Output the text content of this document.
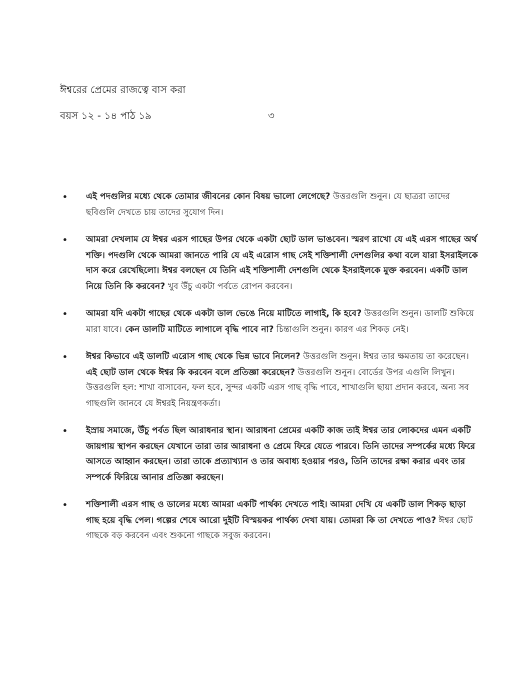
ঈশ্বরের প্রেমের রাজত্বে বাস করা
বয়স ১২ - ১৪ পাঠ ১৯	৩
• এই পদগুলির মধ্যে থেকে তোমার জীবনের কোন বিষয় ভালো লেগেছে? উত্তরগুলি শুনুন। যে ছাত্ররা তাদের ছবিগুলি দেখতে চায় তাদের সুযোগ দিন।
• আমরা দেখলাম যে ঈশ্বর এরস গাছের উপর থেকে একটা ছোট ডাল ভাঙবেন। স্মরণ রাখো যে এই এরস গাছের অর্থ শক্তি। পদগুলি থেকে আমরা জানতে পারি যে এই এরোস গাছ সেই শক্তিশালী দেশগুলির কথা বলে যারা ইসরাইলকে দাস করে রেখেছিলো। ঈশ্বর বলছেন যে তিনি এই শক্তিশালী দেশগুলি থেকে ইসরাইলকে মুক্ত করবেন। একটি ডাল নিয়ে তিনি কি করবেন? খুব উঁচু একটা পর্বতে রোপন করবেন।
• আমরা যদি একটা গাছের থেকে একটা ডাল ভেঙে নিয়ে মাটিতে লাগাই, কি হবে? উত্তরগুলি শুনুন। ডালটি শুকিয়ে মারা যাবে। কেন ডালটি মাটিতে লাগালে বৃদ্ধি পাবে না? চিন্তাগুলি শুনুন। কারণ এর শিকড় নেই।
• ঈশ্বর কিভাবে এই ডালটি এরোস গাছ থেকে ভিন্ন ভাবে নিলেন? উত্তরগুলি শুনুন। ঈশ্বর তার ক্ষমতায় তা করেছেন। এই ছোট ডাল থেকে ঈশ্বর কি করবেন বলে প্রতিজ্ঞা করেছেন? উত্তরগুলি শুনুন। বোর্ডের উপর এগুলি লিখুন। উত্তরগুলি হল: শাখা বাসাবেন, ফল হবে, সুন্দর একটি এরস গাছ বৃদ্ধি পাবে, শাখাগুলি ছায়া প্রদান করবে, অন্য সব গাছগুলি জানবে যে ঈশ্বরই নিয়ন্ত্রণকর্তা।
• ইস্রায় সমাজে, উঁচু পর্বত ছিল আরাধনার স্থান। আরাধনা প্রেমের একটি কাজ তাই ঈশ্বর তার লোকদের এমন একটি জায়গায় স্থাপন করছেন যেখানে তারা তার আরাধনা ও প্রেমে ফিরে যেতে পারবে। তিনি তাদের সম্পর্কের মধ্যে ফিরে আসতে আহ্বান করছেন। তারা তাকে প্রত্যাখ্যান ও তার অবাধ্য হওয়ার পরও, তিনি তাদের রক্ষা করার এবং তার সম্পর্কে ফিরিয়ে আনার প্রতিজ্ঞা করছেন।
• শক্তিশালী এরস গাছ ও ডালের মধ্যে আমরা একটি পার্থক্য দেখতে পাই। আমরা দেখি যে একটি ডাল শিকড় ছাড়া গাছ হয়ে বৃদ্ধি পেল। গল্পের শেষে আরো দুইটি বিস্ময়কর পার্থক্য দেখা যায়। তোমরা কি তা দেখতে পাও? ঈশ্বর ছোট গাছকে বড় করবেন এবং শুকনো গাছকে সবুজ করবেন।
